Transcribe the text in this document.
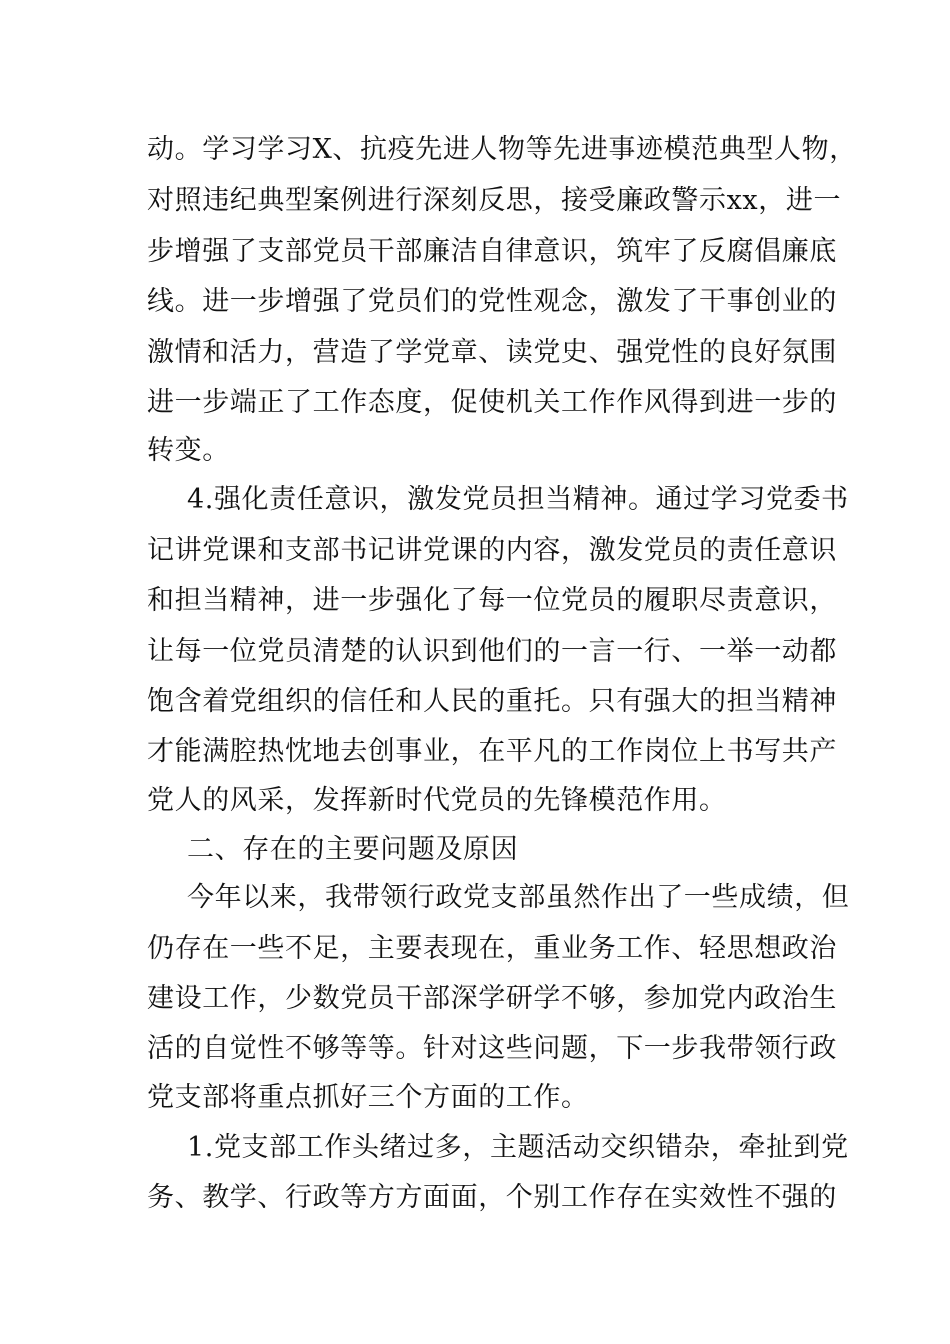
动。学习学习X、抗疫先进人物等先进事迹模范典型人物，
对照违纪典型案例进行深刻反思，接受廉政警示xx，进一
步增强了支部党员干部廉洁自律意识，筑牢了反腐倡廉底
线。进一步增强了党员们的党性观念，激发了干事创业的
激情和活力，营造了学党章、读党史、强党性的良好氛围
进一步端正了工作态度，促使机关工作作风得到进一步的
转变。
4.强化责任意识，激发党员担当精神。通过学习党委书
记讲党课和支部书记讲党课的内容，激发党员的责任意识
和担当精神，进一步强化了每一位党员的履职尽责意识，
让每一位党员清楚的认识到他们的一言一行、一举一动都
饱含着党组织的信任和人民的重托。只有强大的担当精神
才能满腔热忱地去创事业，在平凡的工作岗位上书写共产
党人的风采，发挥新时代党员的先锋模范作用。
二、存在的主要问题及原因
今年以来，我带领行政党支部虽然作出了一些成绩，但
仍存在一些不足，主要表现在，重业务工作、轻思想政治
建设工作，少数党员干部深学研学不够，参加党内政治生
活的自觉性不够等等。针对这些问题，下一步我带领行政
党支部将重点抓好三个方面的工作。
1.党支部工作头绪过多，主题活动交织错杂，牵扯到党
务、教学、行政等方方面面，个别工作存在实效性不强的
